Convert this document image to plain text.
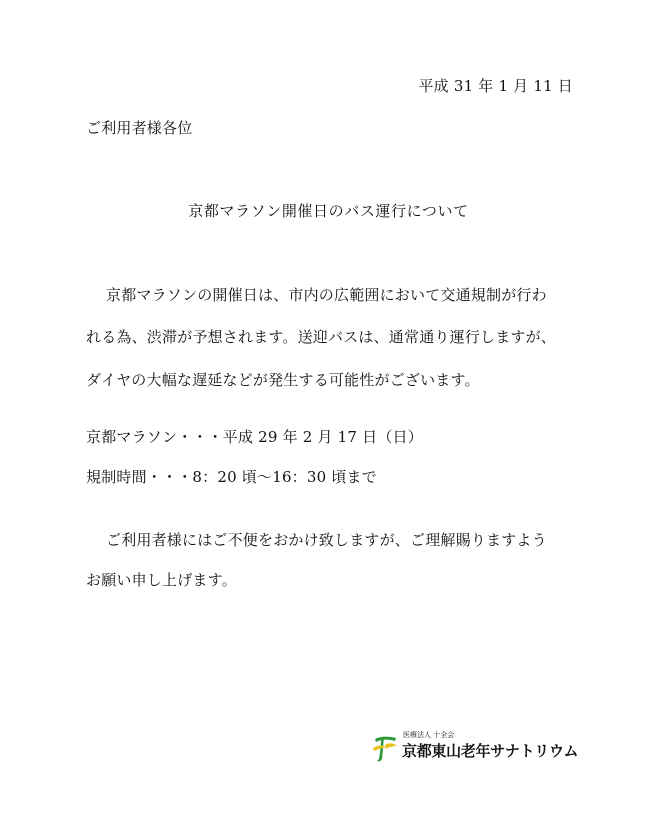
平成 31 年 1 月 11 日
ご利用者様各位
京都マラソン開催日のバス運行について
京都マラソンの開催日は、市内の広範囲において交通規制が行わ
れる為、渋滞が予想されます。送迎バスは、通常通り運行しますが、
ダイヤの大幅な遅延などが発生する可能性がございます。
京都マラソン・・・平成 29 年 2 月 17 日（日）
規制時間・・・8：20 頃～16：30 頃まで
ご利用者様にはご不便をおかけ致しますが、ご理解賜りますよう
お願い申し上げます。
医療法人 十全会
京都東山老年サナトリウム
